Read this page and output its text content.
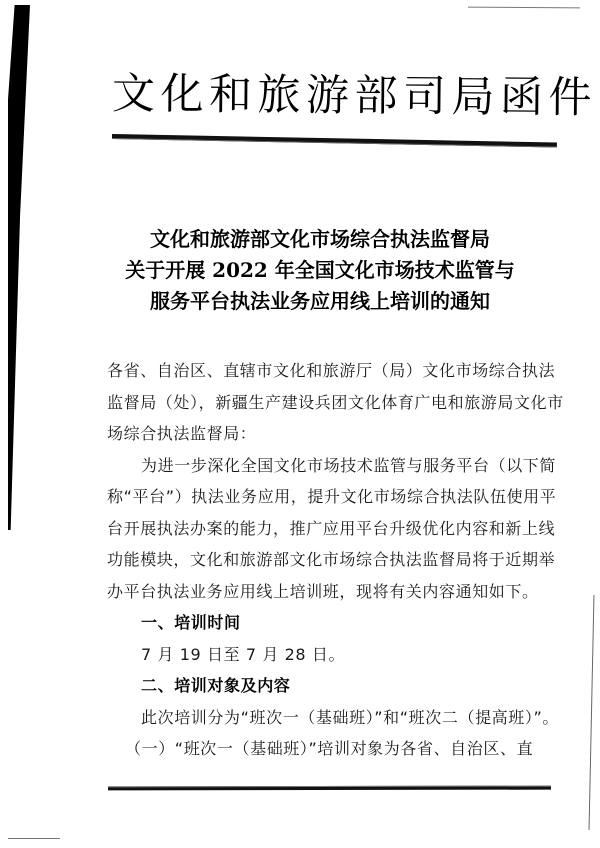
文化和旅游部司局函件
文化和旅游部文化市场综合执法监督局
关于开展 2022 年全国文化市场技术监管与
服务平台执法业务应用线上培训的通知
各省、自治区、直辖市文化和旅游厅（局）文化市场综合执法
监督局（处），新疆生产建设兵团文化体育广电和旅游局文化市
场综合执法监督局：
为进一步深化全国文化市场技术监管与服务平台（以下简
称“平台”）执法业务应用，提升文化市场综合执法队伍使用平
台开展执法办案的能力，推广应用平台升级优化内容和新上线
功能模块，文化和旅游部文化市场综合执法监督局将于近期举
办平台执法业务应用线上培训班，现将有关内容通知如下。
一、培训时间
7 月 19 日至 7 月 28 日。
二、培训对象及内容
此次培训分为“班次一（基础班）”和“班次二（提高班）”。
（一）“班次一（基础班）”培训对象为各省、自治区、直
